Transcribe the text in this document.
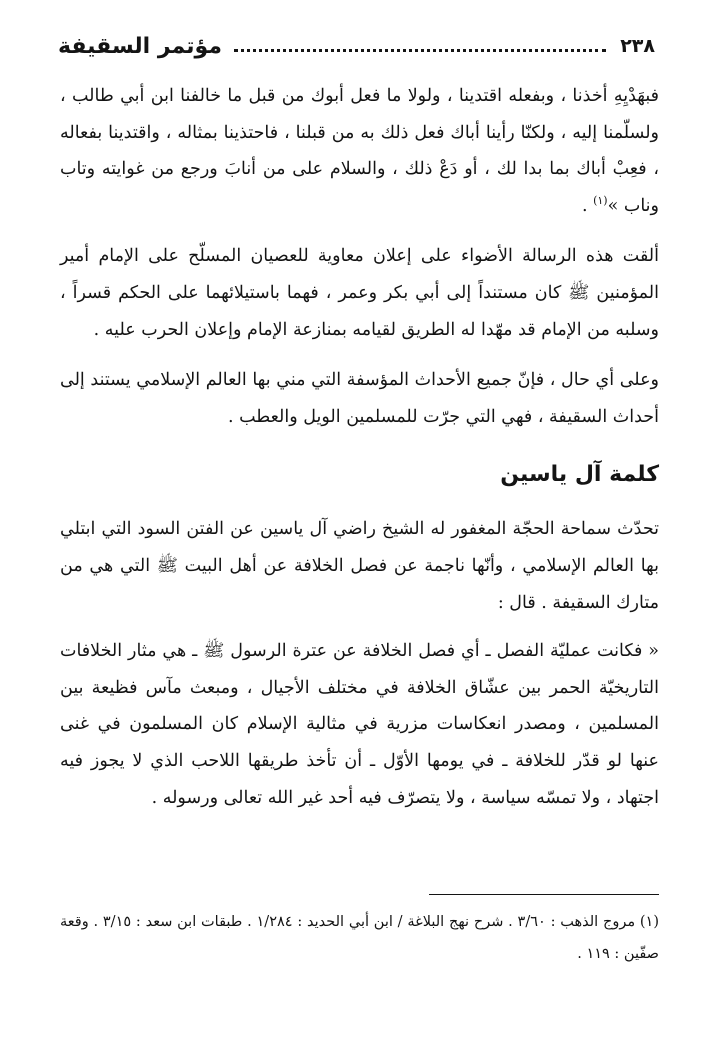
٢٣٨
مؤتمر السقيفة

فبهَدْيِهِ أخذنا ، وبفعله اقتدينا ، ولولا ما فعل أبوك من قبل ما خالفنا ابن أبي طالب ، ولسلّمنا إليه ، ولكنّا رأينا أباك فعل ذلك به من قبلنا ، فاحتذينا بمثاله ، واقتدينا بفعاله ، فعِبْ أباك بما بدا لك ، أو دَعْ ذلك ، والسلام على من أنابَ ورجع من غوايته وتاب وناب »$^{(١)}$ .

ألقت هذه الرسالة الأضواء على إعلان معاوية للعصيان المسلّح على الإمام أمير المؤمنين ﷺ كان مستنداً إلى أبي بكر وعمر ، فهما باستيلائهما على الحكم قسراً ، وسلبه من الإمام قد مهّدا له الطريق لقيامه بمنازعة الإمام وإعلان الحرب عليه .

وعلى أي حال ، فإنّ جميع الأحداث المؤسفة التي مني بها العالم الإسلامي يستند إلى أحداث السقيفة ، فهي التي جرّت للمسلمين الويل والعطب .

كلمة آل ياسين

تحدّث سماحة الحجّة المغفور له الشيخ راضي آل ياسين عن الفتن السود التي ابتلي بها العالم الإسلامي ، وأنّها ناجمة عن فصل الخلافة عن أهل البيت ﷺ التي هي من متارك السقيفة . قال :

« فكانت عمليّة الفصل ـ أي فصل الخلافة عن عترة الرسول ﷺ ـ هي مثار الخلافات التاريخيّة الحمر بين عشّاق الخلافة في مختلف الأجيال ، ومبعث مآس فظيعة بين المسلمين ، ومصدر انعكاسات مزرية في مثالية الإسلام كان المسلمون في غنى عنها لو قدّر للخلافة ـ في يومها الأوّل ـ أن تأخذ طريقها اللاحب الذي لا يجوز فيه اجتهاد ، ولا تمسّه سياسة ، ولا يتصرّف فيه أحد غير الله تعالى ورسوله .

(١) مروج الذهب : ٣/٦٠ . شرح نهج البلاغة / ابن أبي الحديد : ١/٢٨٤ . طبقات ابن سعد : ٣/١٥ . وقعة صفّين : ١١٩ .
